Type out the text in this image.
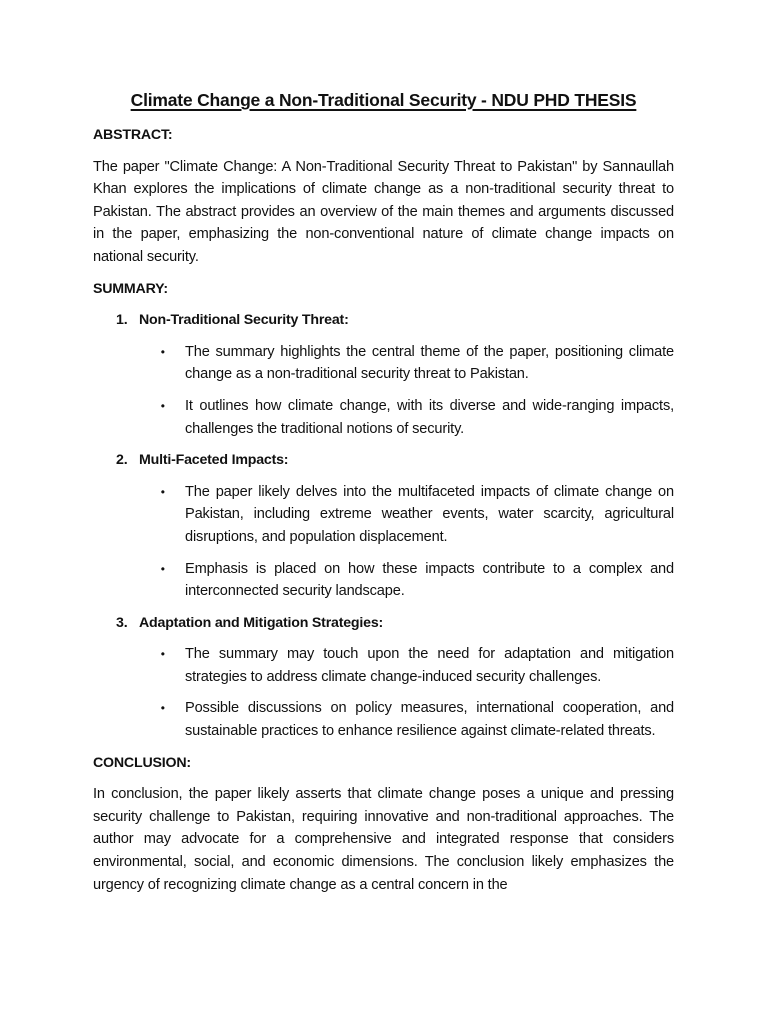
Climate Change a Non-Traditional Security - NDU PHD THESIS
ABSTRACT:

The paper "Climate Change: A Non-Traditional Security Threat to Pakistan" by Sannaullah Khan explores the implications of climate change as a non-traditional security threat to Pakistan. The abstract provides an overview of the main themes and arguments discussed in the paper, emphasizing the non-conventional nature of climate change impacts on national security.

SUMMARY:
1. Non-Traditional Security Threat:
•	The summary highlights the central theme of the paper, positioning climate change as a non-traditional security threat to Pakistan.
•	It outlines how climate change, with its diverse and wide-ranging impacts, challenges the traditional notions of security.
2. Multi-Faceted Impacts:
•	The paper likely delves into the multifaceted impacts of climate change on Pakistan, including extreme weather events, water scarcity, agricultural disruptions, and population displacement.
•	Emphasis is placed on how these impacts contribute to a complex and interconnected security landscape.
3. Adaptation and Mitigation Strategies:
•	The summary may touch upon the need for adaptation and mitigation strategies to address climate change-induced security challenges.
•	Possible discussions on policy measures, international cooperation, and sustainable practices to enhance resilience against climate-related threats.
CONCLUSION:

In conclusion, the paper likely asserts that climate change poses a unique and pressing security challenge to Pakistan, requiring innovative and non-traditional approaches. The author may advocate for a comprehensive and integrated response that considers environmental, social, and economic dimensions. The conclusion likely emphasizes the urgency of recognizing climate change as a central concern in the
